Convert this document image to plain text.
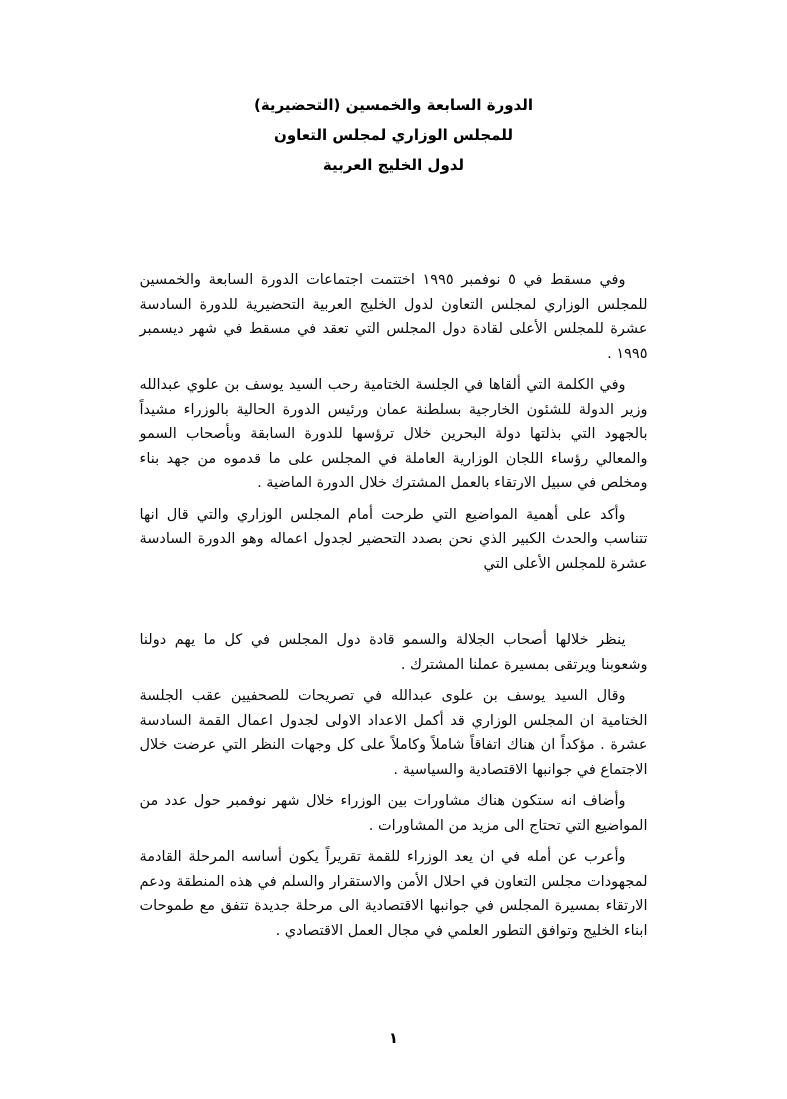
الدورة السابعة والخمسين (التحضيرية)
للمجلس الوزاري لمجلس التعاون
لدول الخليج العربية

وفي مسقط في ٥ نوفمبر ١٩٩٥ اختتمت اجتماعات الدورة السابعة والخمسين للمجلس الوزاري لمجلس التعاون لدول الخليج العربية التحضيرية للدورة السادسة عشرة للمجلس الأعلى لقادة دول المجلس التي تعقد في مسقط في شهر ديسمبر ١٩٩٥ .

وفي الكلمة التي ألقاها في الجلسة الختامية رحب السيد يوسف بن علوي عبدالله وزير الدولة للشئون الخارجية بسلطنة عمان ورئيس الدورة الحالية بالوزراء مشيداً بالجهود التي بذلتها دولة البحرين خلال ترؤسها للدورة السابقة وبأصحاب السمو والمعالي رؤساء اللجان الوزارية العاملة في المجلس على ما قدموه من جهد بناء ومخلص في سبيل الارتقاء بالعمل المشترك خلال الدورة الماضية .

وأكد على أهمية المواضيع التي طرحت أمام المجلس الوزاري والتي قال انها تتناسب والحدث الكبير الذي نحن بصدد التحضير لجدول اعماله وهو الدورة السادسة عشرة للمجلس الأعلى التي

ينظر خلالها أصحاب الجلالة والسمو قادة دول المجلس في كل ما يهم دولنا وشعوبنا ويرتقى بمسيرة عملنا المشترك .

وقال السيد يوسف بن علوى عبدالله في تصريحات للصحفيين عقب الجلسة الختامية ان المجلس الوزاري قد أكمل الاعداد الاولى لجدول اعمال القمة السادسة عشرة . مؤكداً ان هناك اتفاقاً شاملاً وكاملاً على كل وجهات النظر التي عرضت خلال الاجتماع في جوانبها الاقتصادية والسياسية .

وأضاف انه ستكون هناك مشاورات بين الوزراء خلال شهر نوفمبر حول عدد من المواضيع التي تحتاج الى مزيد من المشاورات .

وأعرب عن أمله في ان يعد الوزراء للقمة تقريراً يكون أساسه المرحلة القادمة لمجهودات مجلس التعاون في احلال الأمن والاستقرار والسلم في هذه المنطقة ودعم الارتقاء بمسيرة المجلس في جوانبها الاقتصادية الى مرحلة جديدة تتفق مع طموحات ابناء الخليج وتوافق التطور العلمي في مجال العمل الاقتصادي .

١
